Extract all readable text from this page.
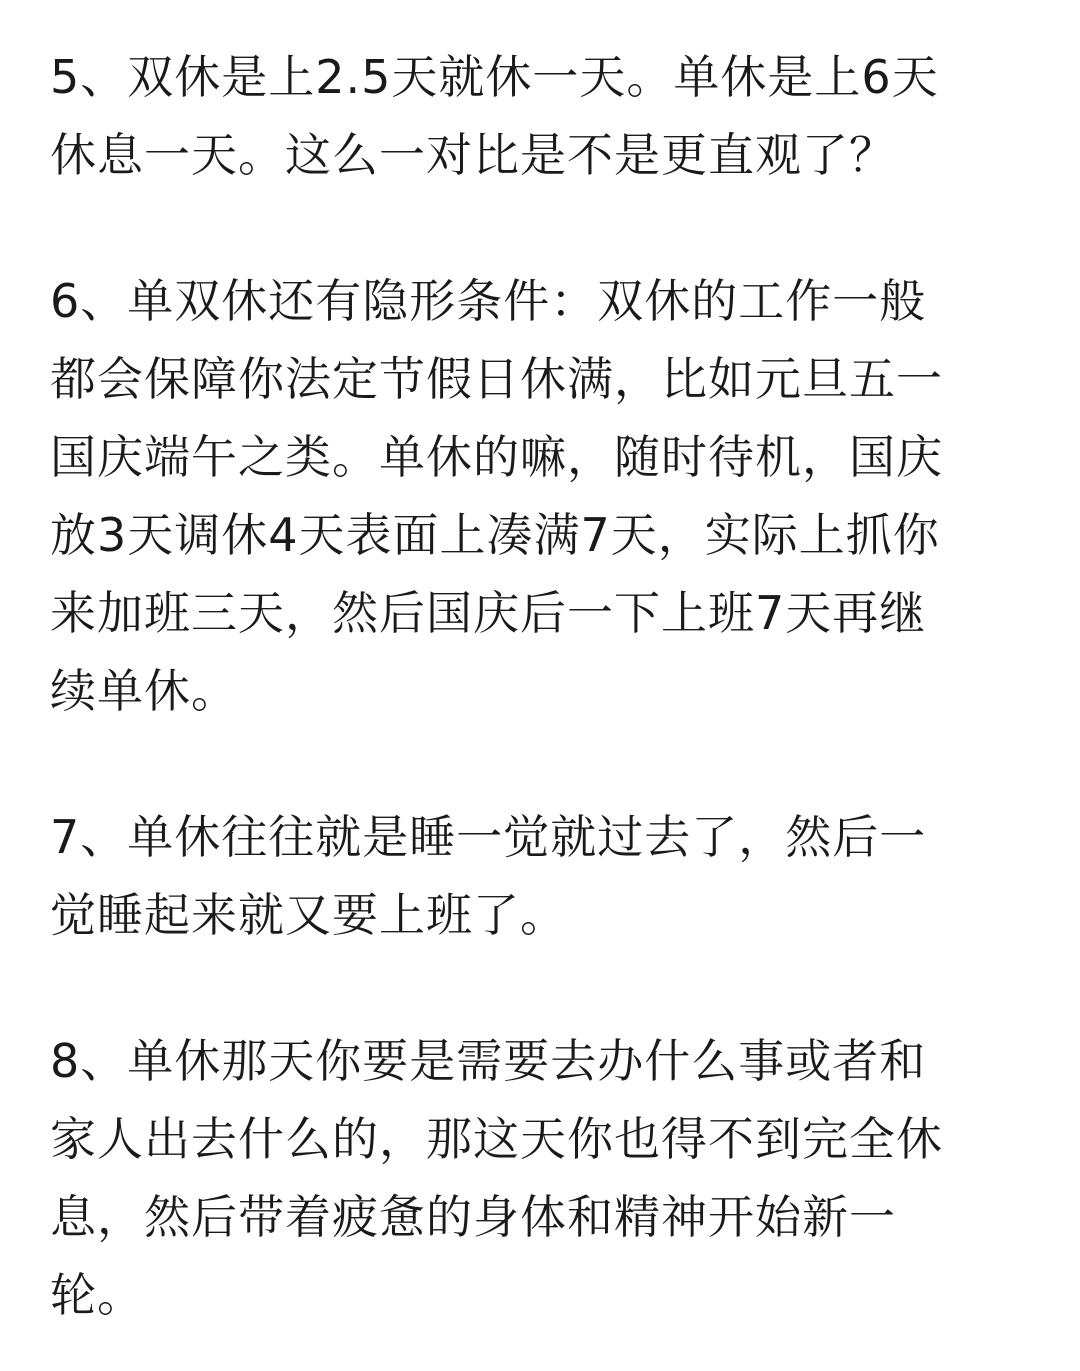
5、双休是上2.5天就休一天。单休是上6天
休息一天。这么一对比是不是更直观了？

6、单双休还有隐形条件：双休的工作一般
都会保障你法定节假日休满，比如元旦五一
国庆端午之类。单休的嘛，随时待机，国庆
放3天调休4天表面上凑满7天，实际上抓你
来加班三天，然后国庆后一下上班7天再继
续单休。

7、单休往往就是睡一觉就过去了，然后一
觉睡起来就又要上班了。

8、单休那天你要是需要去办什么事或者和
家人出去什么的，那这天你也得不到完全休
息，然后带着疲惫的身体和精神开始新一
轮。
